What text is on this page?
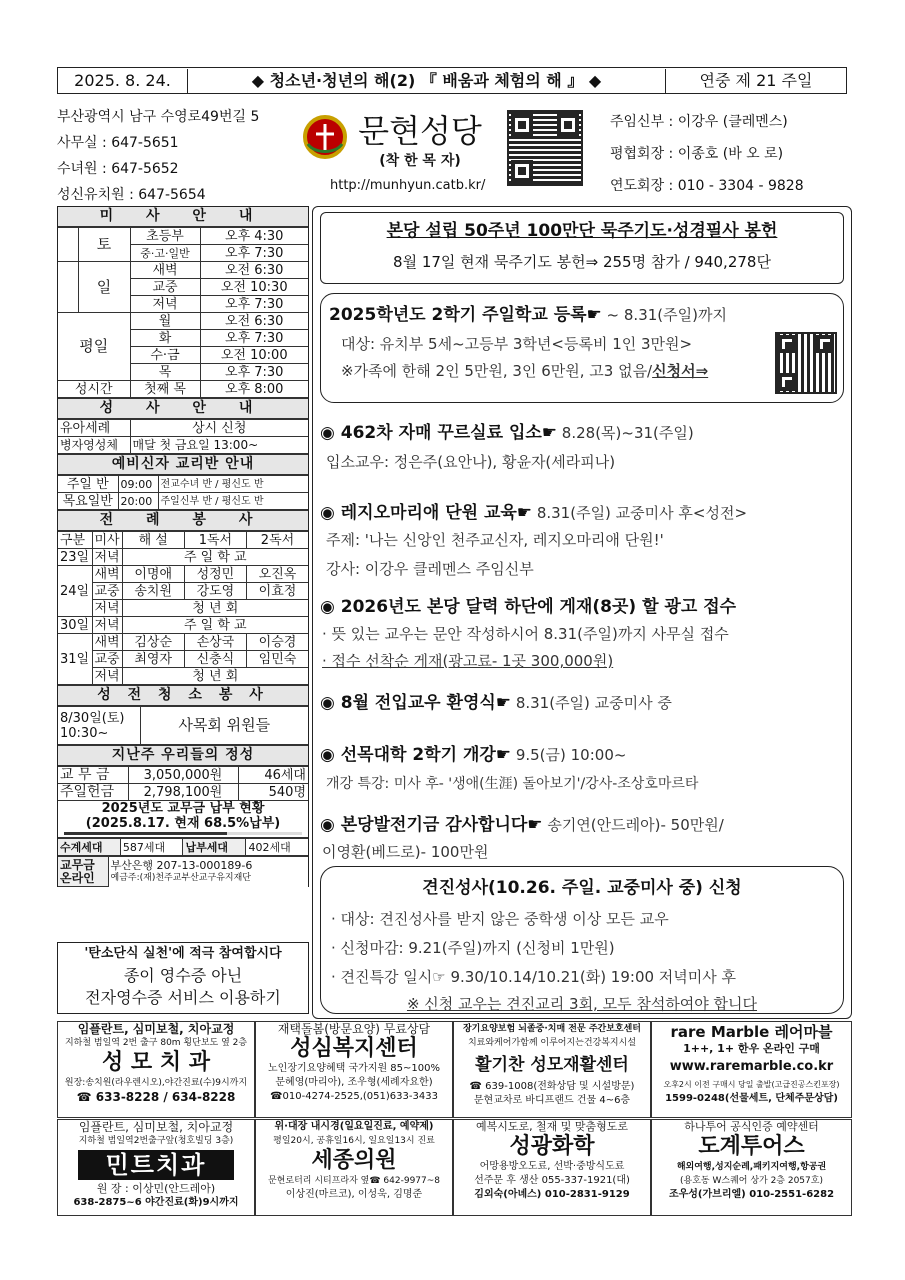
2025. 8. 24.	◆ 청소년·청년의 해(2) 『 배움과 체험의 해 』 ◆	연중 제 21 주일
부산광역시 남구 수영로49번길 5
사무실 : 647-5651
수녀원 : 647-5652
성신유치원 : 647-5654
문현성당
(착 한 목 자)
http://munhyun.catb.kr/
주임신부 : 이강우 (클레멘스)
평협회장 : 이종호 (바 오 로)
연도회장 : 010 - 3304 - 9828
미 사 안 내
	토	초등부	오후 4:30
		중·고·일반	오후 7:30
	일	새벽	오전 6:30
		교중	오전 10:30
		저녁	오후 7:30
평일		월	오전 6:30
		화	오후 7:30
		수·금	오전 10:00
		목	오후 7:30
성시간		첫째 목	오후 8:00
성 사 안 내
유아세례	상시 신청
병자영성체	매달 첫 금요일 13:00~
예비신자 교리반 안내
주일 반	09:00	전교수녀 반 / 평신도 반
목요일반	20:00	주일신부 반 / 평신도 반
전 례 봉 사
구분	미사	해 설	1독서	2독서
23일	저녁	주 일 학 교		
24일	새벽	이명애	성정민	오진옥
	교중	송치원	강도영	이효정
	저녁	청 년 회		
30일	저녁	주 일 학 교		
31일	새벽	김상순	손상국	이승경
	교중	최영자	신충식	임민숙
	저녁	청 년 회		
성 전 청 소 봉 사
8/30일(토) 10:30~	사목회 위원들
지난주 우리들의 정성
교 무 금	3,050,000원	46세대
주일헌금	2,798,100원	540명
2025년도 교무금 납부 현황
(2025.8.17. 현재 68.5%납부)
수계세대	587세대	납부세대	402세대
교무금 온라인	
부산은행 207-13-000189-6
예금주:(재)천주교부산교구유지재단
'탄소단식 실천'에 적극 참여합시다
종이 영수증 아닌
전자영수증 서비스 이용하기
본당 설립 50주년 100만단 묵주기도·성경필사 봉헌
8월 17일 현재 묵주기도 봉헌⇒ 255명 참가 / 940,278단
2025학년도 2학기 주일학교 등록☛ ~ 8.31(주일)까지
대상: 유치부 5세~고등부 3학년<등록비 1인 3만원>
※가족에 한해 2인 5만원, 3인 6만원, 고3 없음/신청서⇒
◉ 462차 자매 꾸르실료 입소☛ 8.28(목)~31(주일)
입소교우: 정은주(요안나), 황윤자(세라피나)
◉ 레지오마리애 단원 교육☛ 8.31(주일) 교중미사 후<성전>
주제: '나는 신앙인 천주교신자, 레지오마리애 단원!'
강사: 이강우 클레멘스 주임신부
◉ 2026년도 본당 달력 하단에 게재(8곳) 할 광고 접수
· 뜻 있는 교우는 문안 작성하시어 8.31(주일)까지 사무실 접수
· 접수 선착순 게재(광고료- 1곳 300,000원)
◉ 8월 전입교우 환영식☛ 8.31(주일) 교중미사 중
◉ 선목대학 2학기 개강☛ 9.5(금) 10:00~
개강 특강: 미사 후- '생애(生涯) 돌아보기'/강사-조상호마르타
◉ 본당발전기금 감사합니다☛ 송기연(안드레아)- 50만원/
이영환(베드로)- 100만원
견진성사(10.26. 주일. 교중미사 중) 신청
· 대상: 견진성사를 받지 않은 중학생 이상 모든 교우
· 신청마감: 9.21(주일)까지 (신청비 1만원)
· 견진특강 일시☞ 9.30/10.14/10.21(화) 19:00 저녁미사 후
※ 신청 교우는 견진교리 3회, 모두 참석하여야 합니다
임플란트, 심미보철, 치아교정
지하철 범일역 2번 출구 80m 횡단보도 옆 2층
성 모 치 과
원장:송치원(라우렌시오),야간진료(수)9시까지
☎ 633-8228 / 634-8228
재택돌봄(방문요양) 무료상담
성심복지센터
노인장기요양혜택 국가지원 85~100%
문혜영(마리아), 조우형(세례자요한)
☎010-4274-2525,(051)633-3433
장기요양보험 뇌졸중·치매 전문 주간보호센터
치료와케어가함께 이루어지는건강복지시설
활기찬 성모재활센터
☎ 639-1008(전화상담 및 시설방문)
문현교차로 바디프랜드 건물 4~6층
rare Marble 레어마블
1++, 1+ 한우 온라인 구매
www.raremarble.co.kr
오후2시 이전 구매시 당일 출발(고급진공스킨포장)
1599-0248(선물세트, 단체주문상담)
임플란트, 심미보철, 치아교정
지하철 범일역2번출구앞(청호빌딩 3층)
민트치과
원 장 : 이상민(안드레아)
638-2875~6 야간진료(화)9시까지
위·대장 내시경(일요일진료, 예약제)
평일20시, 공휴일16시, 일요일13시 진료
세종의원
문현로터리 시티프라자 옆☎ 642-9977~8
이상진(마르코), 이성욱, 김명준
예복시도로, 철재 및 맞춤형도로
성광화학
어망용방오도료, 선박·중방식도료
선주문 후 생산 055-337-1921(대)
김외숙(아녜스) 010-2831-9129
하나투어 공식인증 예약센터
도계투어스
해외여행,성지순례,패키지여행,항공권
(용호동 W스퀘어 상가 2층 2057호)
조우성(가브리엘) 010-2551-6282
